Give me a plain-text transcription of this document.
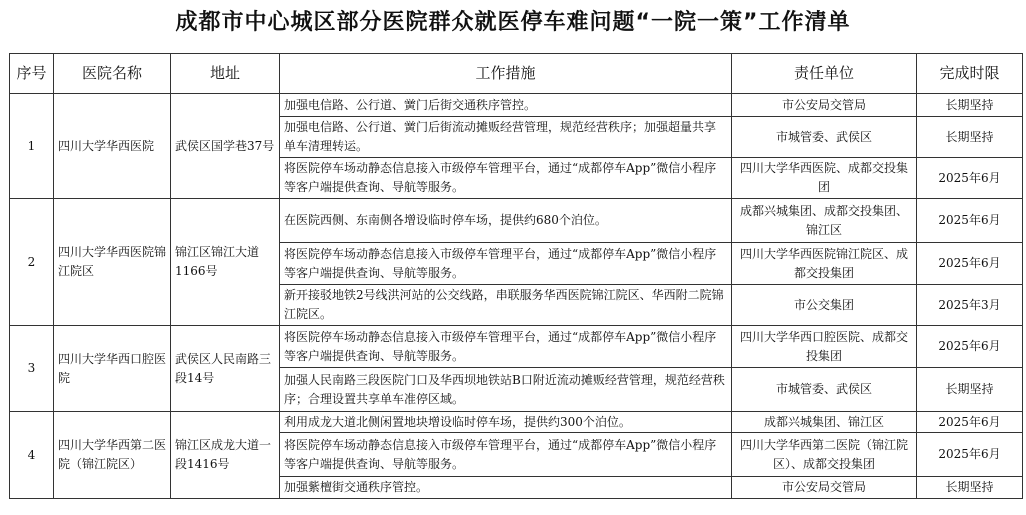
成都市中心城区部分医院群众就医停车难问题“一院一策”工作清单
序号	医院名称	地址	工作措施	责任单位	完成时限
1	四川大学华西医院	武侯区国学巷37号	加强电信路、公行道、黉门后街交通秩序管控。	市公安局交管局	长期坚持
			加强电信路、公行道、黉门后街流动摊贩经营管理，规范经营秩序；加强超量共享单车清理转运。	市城管委、武侯区	长期坚持
			将医院停车场动静态信息接入市级停车管理平台，通过“成都停车App”微信小程序等客户端提供查询、导航等服务。	四川大学华西医院、成都交投集团	2025年6月
2	四川大学华西医院锦江院区	锦江区锦江大道1166号	在医院西侧、东南侧各增设临时停车场，提供约680个泊位。	成都兴城集团、成都交投集团、锦江区	2025年6月
			将医院停车场动静态信息接入市级停车管理平台，通过“成都停车App”微信小程序等客户端提供查询、导航等服务。	四川大学华西医院锦江院区、成都交投集团	2025年6月
			新开接驳地铁2号线洪河站的公交线路，串联服务华西医院锦江院区、华西附二院锦江院区。	市公交集团	2025年3月
3	四川大学华西口腔医院	武侯区人民南路三段14号	将医院停车场动静态信息接入市级停车管理平台，通过“成都停车App”微信小程序等客户端提供查询、导航等服务。	四川大学华西口腔医院、成都交投集团	2025年6月
			加强人民南路三段医院门口及华西坝地铁站B口附近流动摊贩经营管理，规范经营秩序；合理设置共享单车准停区域。	市城管委、武侯区	长期坚持
4	四川大学华西第二医院（锦江院区）	锦江区成龙大道一段1416号	利用成龙大道北侧闲置地块增设临时停车场，提供约300个泊位。	成都兴城集团、锦江区	2025年6月
			将医院停车场动静态信息接入市级停车管理平台，通过“成都停车App”微信小程序等客户端提供查询、导航等服务。	四川大学华西第二医院（锦江院区）、成都交投集团	2025年6月
			加强紫檀街交通秩序管控。	市公安局交管局	长期坚持
